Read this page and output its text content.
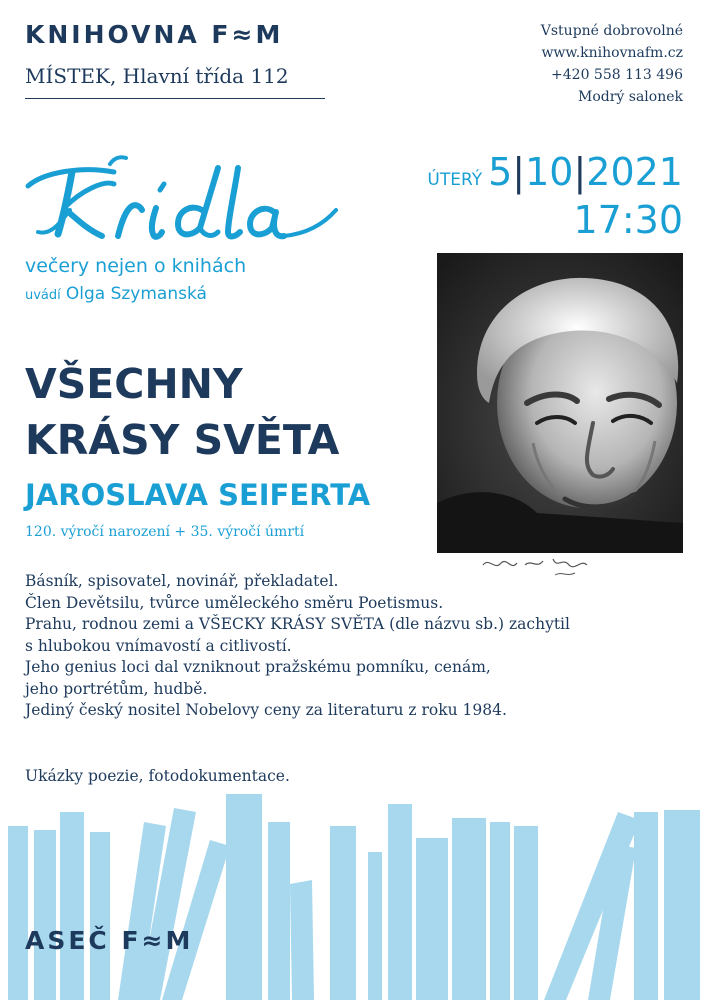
KNIHOVNA F≈M
MÍSTEK, Hlavní třída 112
Vstupné dobrovolné
www.knihovnafm.cz
+420 558 113 496
Modrý salonek
večery nejen o knihách
uvádí Olga Szymanská
ÚTERÝ 5|10|2021
17:30
VŠECHNY
KRÁSY SVĚTA
JAROSLAVA SEIFERTA
120. výročí narození + 35. výročí úmrtí
Básník, spisovatel, novinář, překladatel.
Člen Devětsilu, tvůrce uměleckého směru Poetismus.
Prahu, rodnou zemi a VŠECKY KRÁSY SVĚTA (dle názvu sb.) zachytil
s hlubokou vnímavostí a citlivostí.
Jeho genius loci dal vzniknout pražskému pomníku, cenám,
jeho portrétům, hudbě.
Jediný český nositel Nobelovy ceny za literaturu z roku 1984.
Ukázky poezie, fotodokumentace.
ASEČ F≈M
